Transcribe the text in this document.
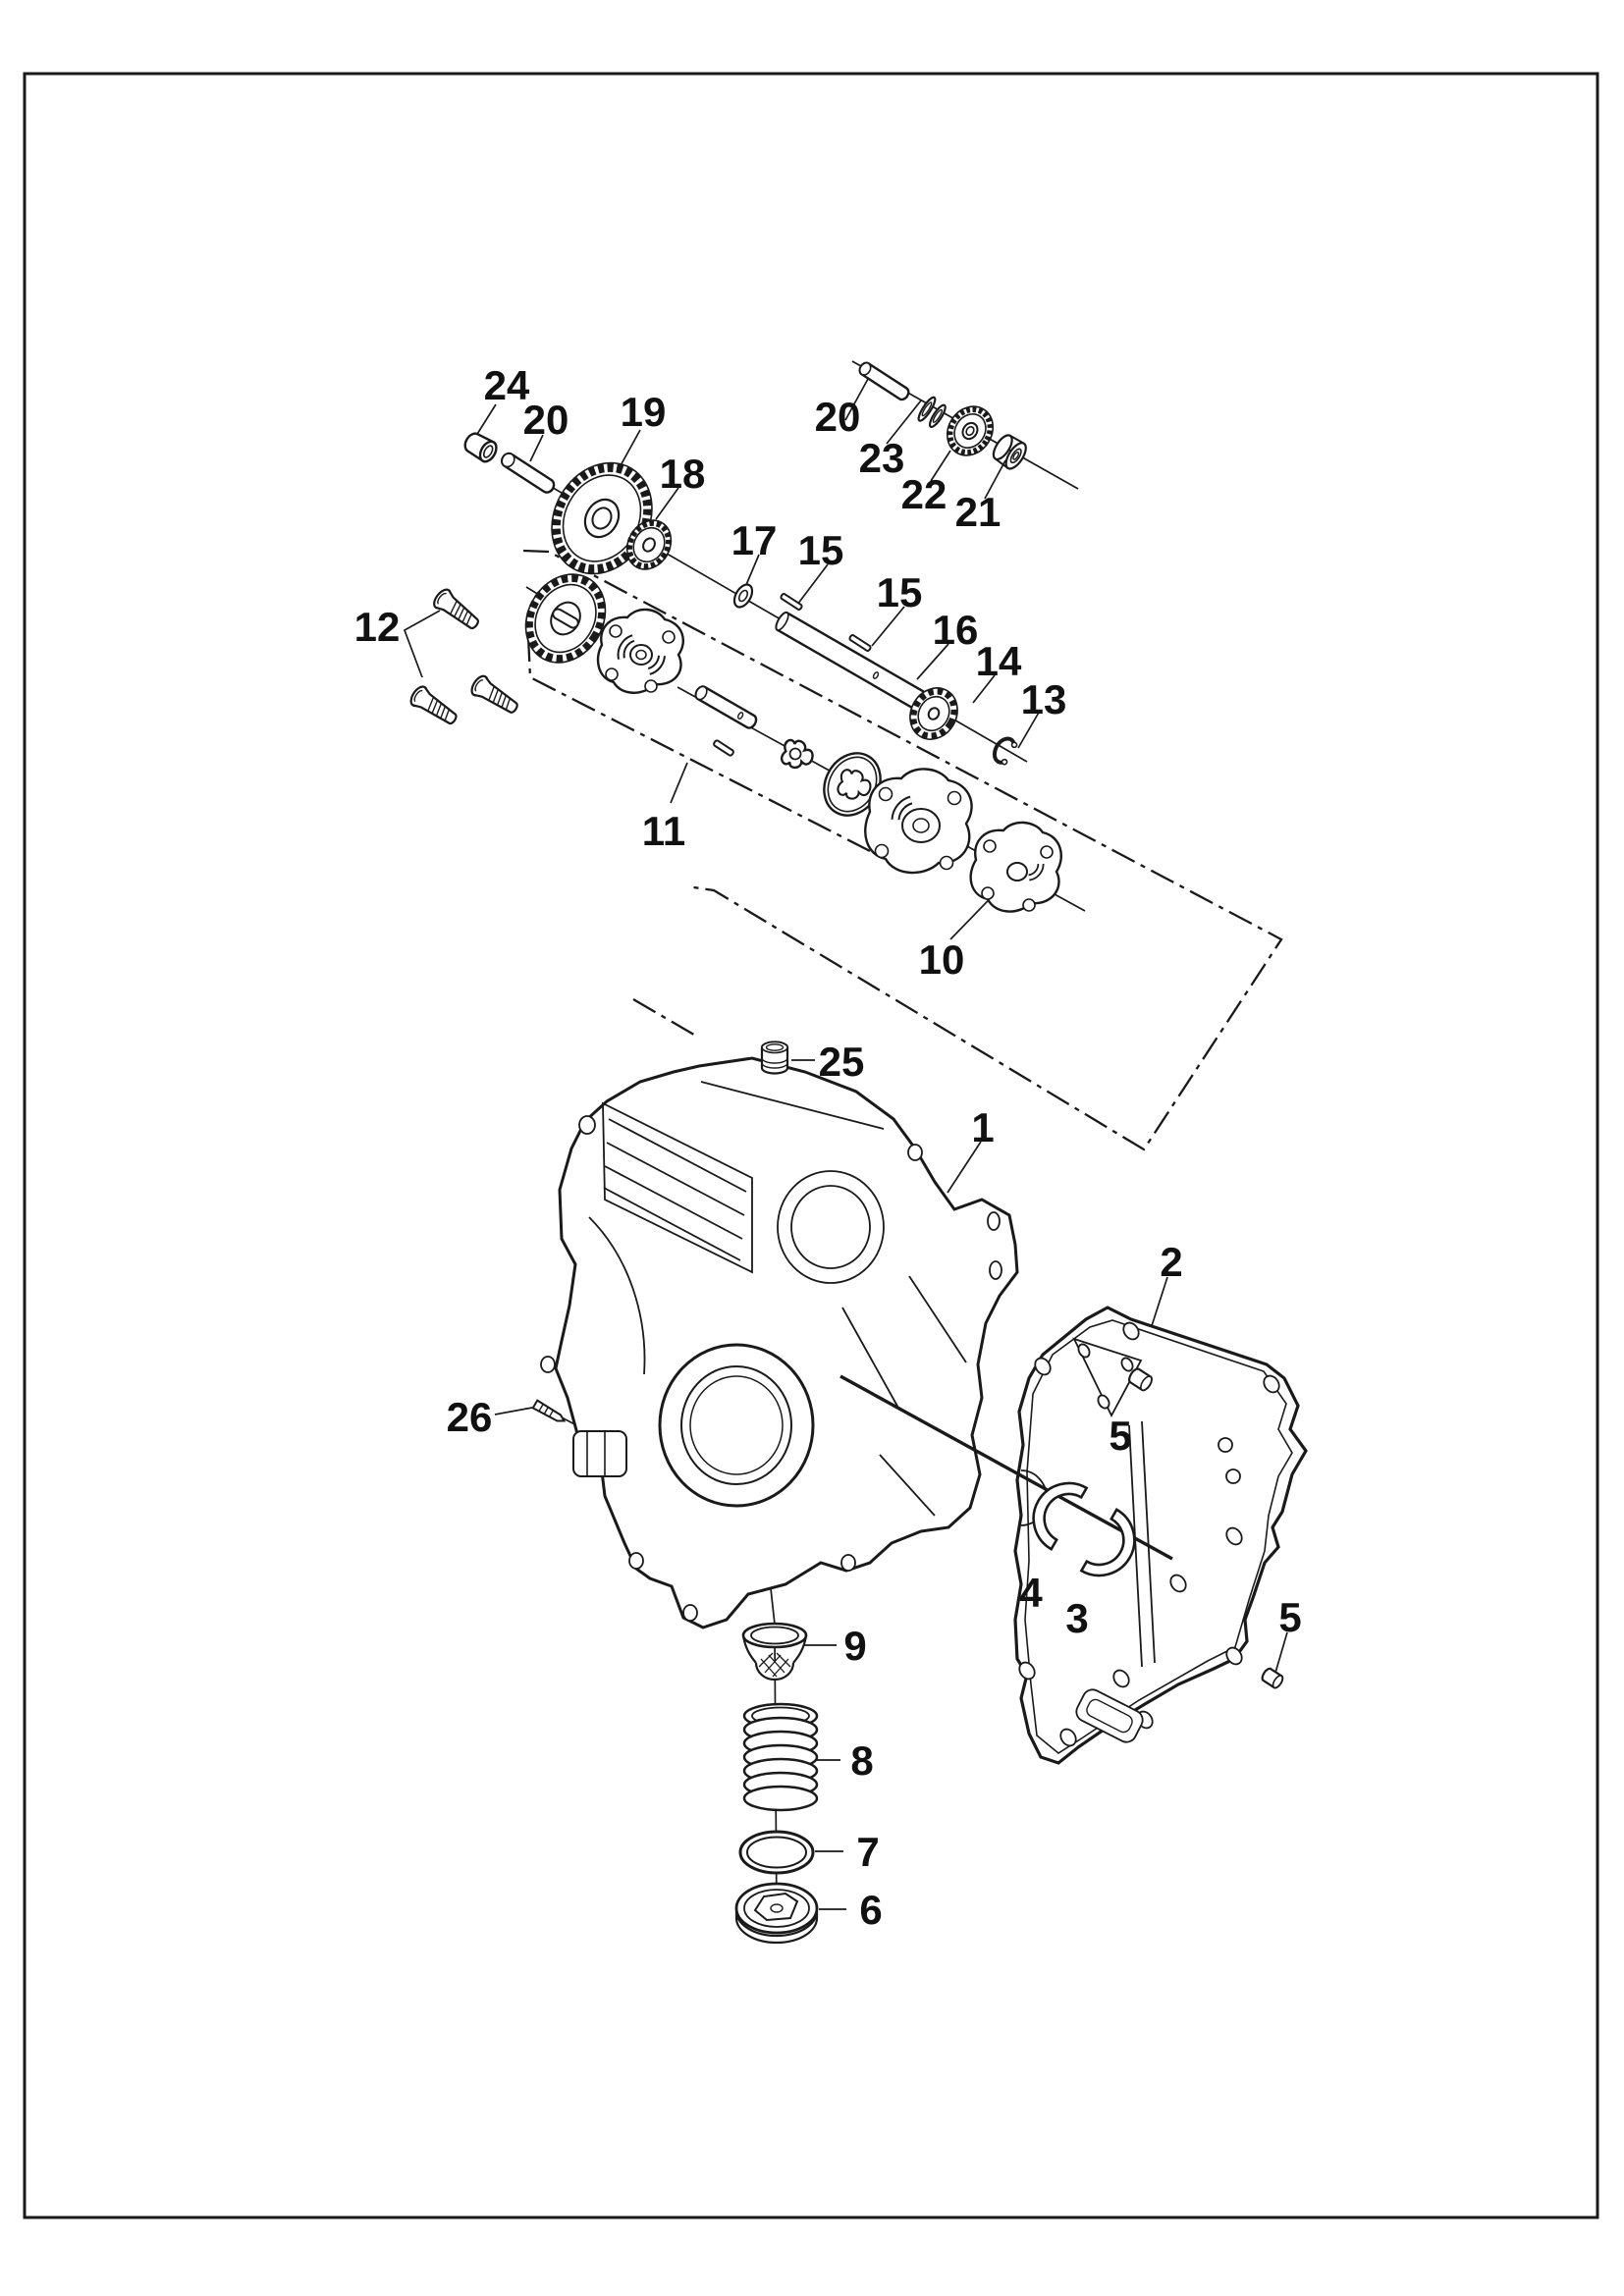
24
20 19
18
20
23
22 21
17 15
15
16
14
13
12
11
10
25
1
2
5
4
3	5
26
9
8
7
6
